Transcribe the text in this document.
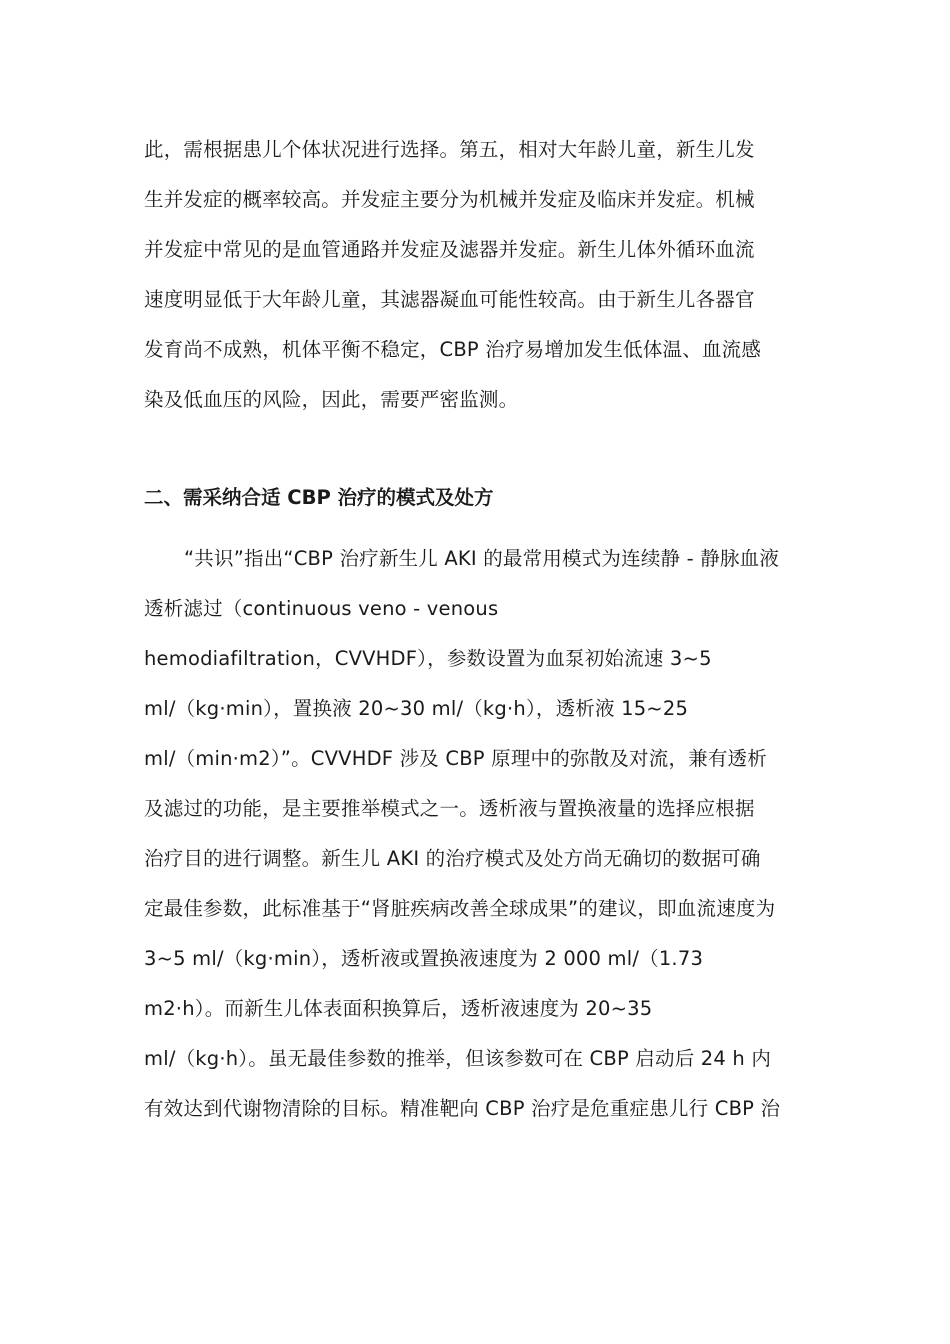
此，需根据患儿个体状况进行选择。第五，相对大年龄儿童，新生儿发
生并发症的概率较高。并发症主要分为机械并发症及临床并发症。机械
并发症中常见的是血管通路并发症及滤器并发症。新生儿体外循环血流
速度明显低于大年龄儿童，其滤器凝血可能性较高。由于新生儿各器官
发育尚不成熟，机体平衡不稳定，CBP 治疗易增加发生低体温、血流感
染及低血压的风险，因此，需要严密监测。
二、需采纳合适 CBP 治疗的模式及处方
“共识”指出“CBP 治疗新生儿 AKI 的最常用模式为连续静 - 静脉血液
透析滤过（continuous veno - venous
hemodiafiltration，CVVHDF），参数设置为血泵初始流速 3~5
ml/（kg·min），置换液 20~30 ml/（kg·h），透析液 15~25
ml/（min·m2）”。CVVHDF 涉及 CBP 原理中的弥散及对流，兼有透析
及滤过的功能，是主要推举模式之一。透析液与置换液量的选择应根据
治疗目的进行调整。新生儿 AKI 的治疗模式及处方尚无确切的数据可确
定最佳参数，此标准基于“肾脏疾病改善全球成果”的建议，即血流速度为
3~5 ml/（kg·min），透析液或置换液速度为 2 000 ml/（1.73
m2·h）。而新生儿体表面积换算后，透析液速度为 20~35
ml/（kg·h）。虽无最佳参数的推举，但该参数可在 CBP 启动后 24 h 内
有效达到代谢物清除的目标。精准靶向 CBP 治疗是危重症患儿行 CBP 治
